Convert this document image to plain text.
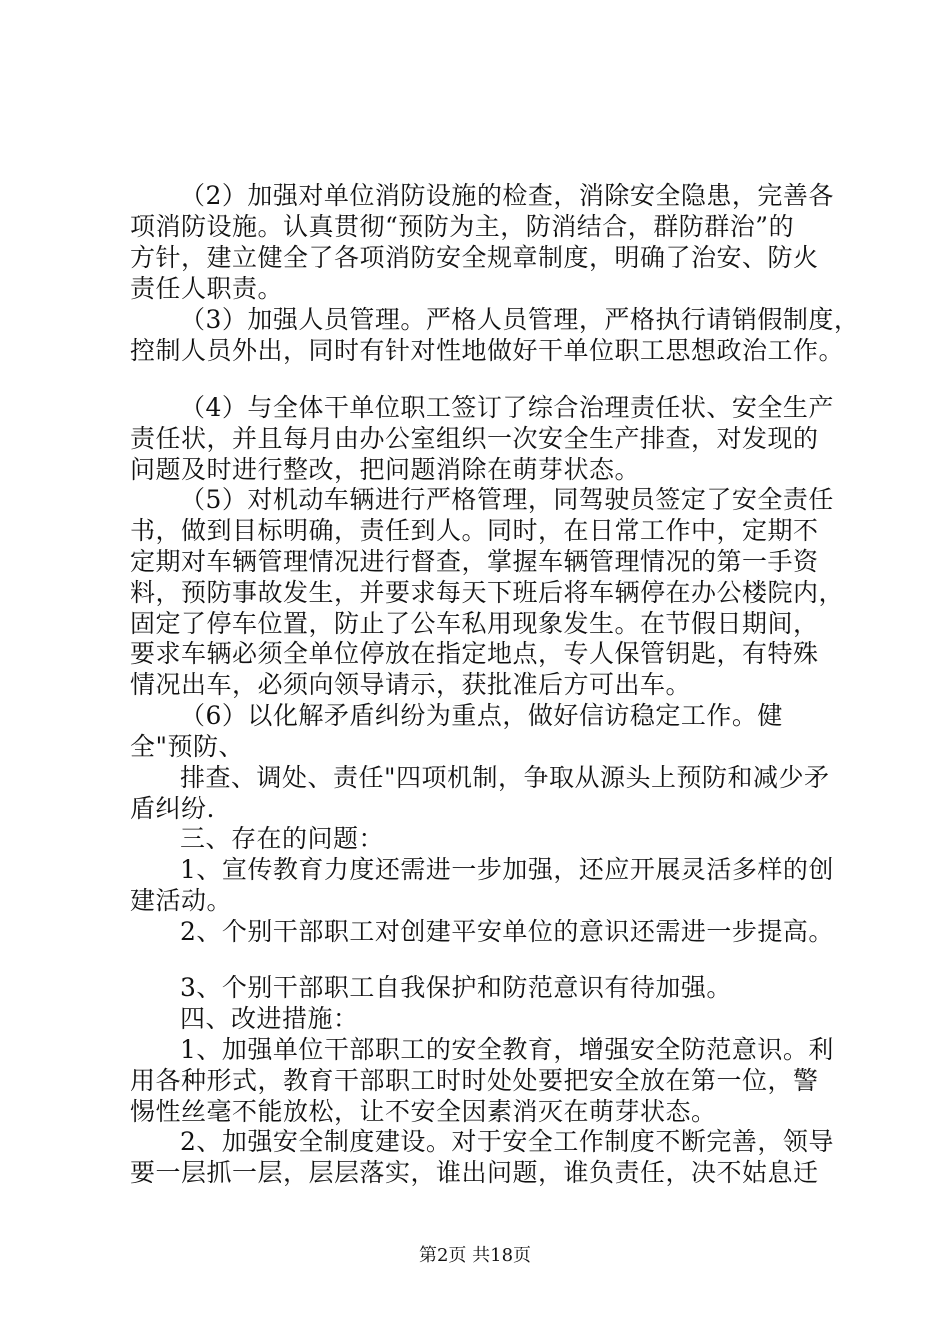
（2）加强对单位消防设施的检查，消除安全隐患，完善各
项消防设施。认真贯彻“预防为主，防消结合，群防群治”的
方针，建立健全了各项消防安全规章制度，明确了治安、防火
责任人职责。
（3）加强人员管理。严格人员管理，严格执行请销假制度，
控制人员外出，同时有针对性地做好干单位职工思想政治工作。
（4）与全体干单位职工签订了综合治理责任状、安全生产
责任状，并且每月由办公室组织一次安全生产排查，对发现的
问题及时进行整改，把问题消除在萌芽状态。
（5）对机动车辆进行严格管理，同驾驶员签定了安全责任
书，做到目标明确，责任到人。同时，在日常工作中，定期不
定期对车辆管理情况进行督查，掌握车辆管理情况的第一手资
料，预防事故发生，并要求每天下班后将车辆停在办公楼院内，
固定了停车位置，防止了公车私用现象发生。在节假日期间，
要求车辆必须全单位停放在指定地点，专人保管钥匙，有特殊
情况出车，必须向领导请示，获批准后方可出车。
（6）以化解矛盾纠纷为重点，做好信访稳定工作。健
全"预防、
排查、调处、责任"四项机制，争取从源头上预防和减少矛
盾纠纷.
三、存在的问题：
1、宣传教育力度还需进一步加强，还应开展灵活多样的创
建活动。
2、个别干部职工对创建平安单位的意识还需进一步提高。
3、个别干部职工自我保护和防范意识有待加强。
四、改进措施：
1、加强单位干部职工的安全教育，增强安全防范意识。利
用各种形式，教育干部职工时时处处要把安全放在第一位，警
惕性丝毫不能放松，让不安全因素消灭在萌芽状态。
2、加强安全制度建设。对于安全工作制度不断完善，领导
要一层抓一层，层层落实，谁出问题，谁负责任，决不姑息迁
第2页 共18页
